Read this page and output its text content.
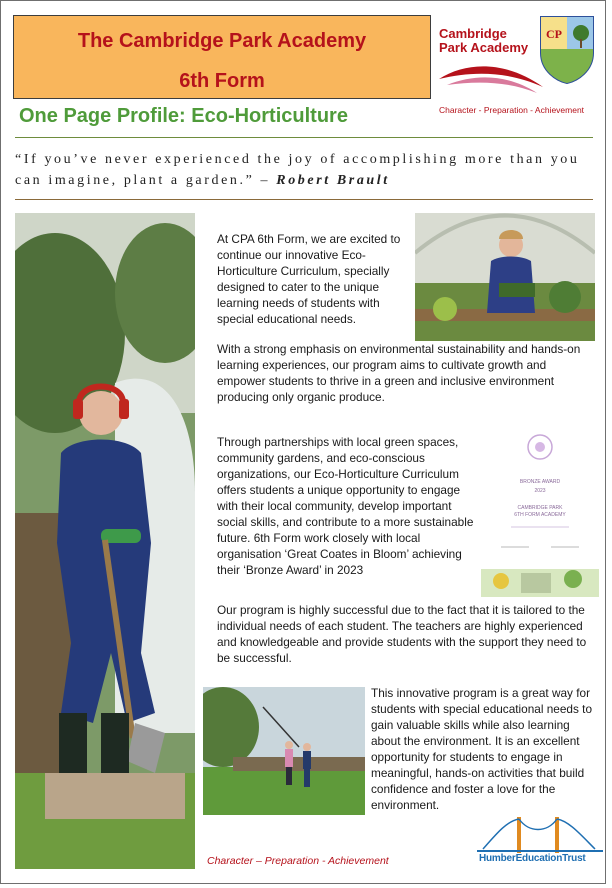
The Cambridge Park Academy
6th Form
Cambridge
Park Academy
CP
Character - Preparation - Achievement
One Page Profile: Eco-Horticulture
“If you’ve never experienced the joy of accomplishing more than you can imagine, plant a garden.” – Robert Brault

At CPA 6th Form, we are excited to continue our innovative Eco-Horticulture Curriculum, specially designed to cater to the unique learning needs of students with special educational needs.

With a strong emphasis on environmental sustainability and hands-on learning experiences, our program aims to cultivate growth and empower students to thrive in a green and inclusive environment producing only organic produce.

Through partnerships with local green spaces, community gardens, and eco-conscious organizations, our Eco-Horticulture Curriculum offers students a unique opportunity to engage with their local community, develop important social skills, and contribute to a more sustainable future. 6th Form work closely with local organisation ‘Great Coates in Bloom’ achieving their ‘Bronze Award’ in 2023

BRONZE AWARD
2023
CAMBRIDGE PARK
6TH FORM ACADEMY

Our program is highly successful due to the fact that it is tailored to the individual needs of each student. The teachers are highly experienced and knowledgeable and provide students with the support they need to be successful.

This innovative program is a great way for students with special educational needs to gain valuable skills while also learning about the environment. It is an excellent opportunity for students to engage in meaningful, hands-on activities that build confidence and foster a love for the environment.

Character – Preparation - Achievement	HumberEducationTrust
